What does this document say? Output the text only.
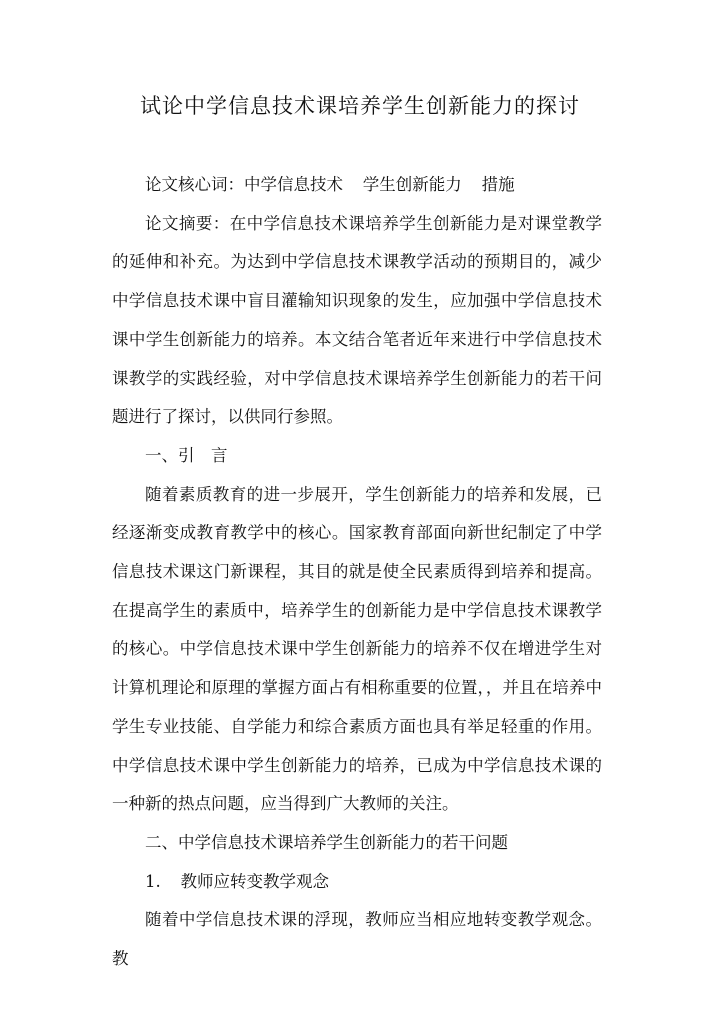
试论中学信息技术课培养学生创新能力的探讨

论文核心词：中学信息技术 学生创新能力 措施

论文摘要：在中学信息技术课培养学生创新能力是对课堂教学的延伸和补充。为达到中学信息技术课教学活动的预期目的，减少中学信息技术课中盲目灌输知识现象的发生，应加强中学信息技术课中学生创新能力的培养。本文结合笔者近年来进行中学信息技术课教学的实践经验，对中学信息技术课培养学生创新能力的若干问题进行了探讨，以供同行参照。

一、引　言

随着素质教育的进一步展开，学生创新能力的培养和发展，已经逐渐变成教育教学中的核心。国家教育部面向新世纪制定了中学信息技术课这门新课程，其目的就是使全民素质得到培养和提高。在提高学生的素质中，培养学生的创新能力是中学信息技术课教学的核心。中学信息技术课中学生创新能力的培养不仅在增进学生对计算机理论和原理的掌握方面占有相称重要的位置，，并且在培养中学生专业技能、自学能力和综合素质方面也具有举足轻重的作用。中学信息技术课中学生创新能力的培养，已成为中学信息技术课的一种新的热点问题，应当得到广大教师的关注。

二、中学信息技术课培养学生创新能力的若干问题

1. 教师应转变教学观念

随着中学信息技术课的浮现，教师应当相应地转变教学观念。教
